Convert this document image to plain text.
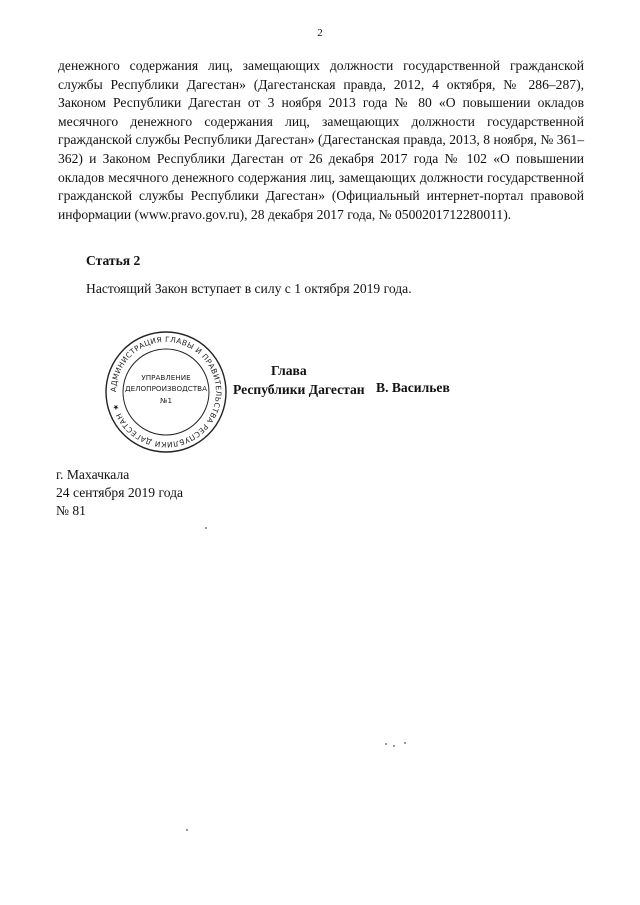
2

денежного содержания лиц, замещающих должности государственной гражданской службы Республики Дагестан» (Дагестанская правда, 2012, 4 октября, № 286–287), Законом Республики Дагестан от 3 ноября 2013 года № 80 «О повышении окладов месячного денежного содержания лиц, замещающих должности государственной гражданской службы Республики Дагестан» (Дагестанская правда, 2013, 8 ноября, № 361–362) и Законом Республики Дагестан от 26 декабря 2017 года № 102 «О повышении окладов месячного денежного содержания лиц, замещающих должности государственной гражданской службы Республики Дагестан» (Официальный интернет-портал правовой информации (www.pravo.gov.ru), 28 декабря 2017 года, № 0500201712280011).

Статья 2
Настоящий Закон вступает в силу с 1 октября 2019 года.
АДМИНИСТРАЦИЯ ГЛАВЫ И ПРАВИТЕЛЬСТВА РЕСПУБЛИКИ ДАГЕСТАН ★
УПРАВЛЕНИЕ
ДЕЛОПРОИЗВОДСТВА
№1
Глава
Республики Дагестан В. Васильев
г. Махачкала
24 сентября 2019 года
№ 81
